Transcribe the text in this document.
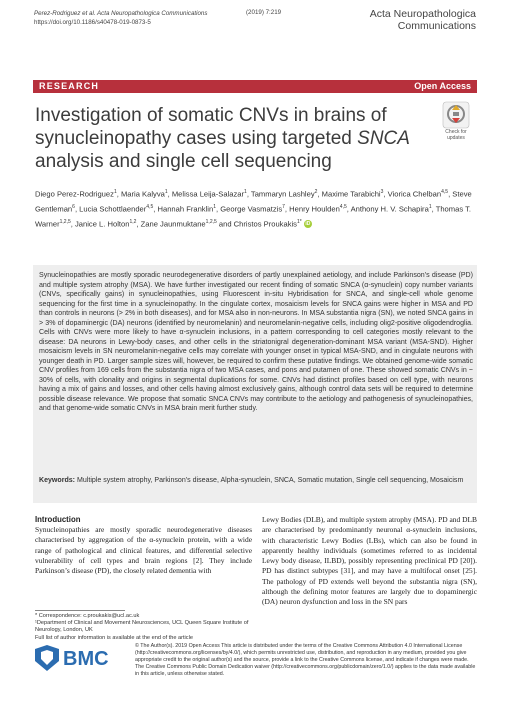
Perez-Rodriguez et al. Acta Neuropathologica Communications
https://doi.org/10.1186/s40478-019-0873-5
(2019) 7:219	Acta Neuropathologica
Communications
RESEARCH	Open Access
Investigation of somatic CNVs in brains of synucleinopathy cases using targeted SNCA analysis and single cell sequencing
Check for
updates
Diego Perez-Rodriguez$^1$, Maria Kalyva$^1$, Melissa Leija-Salazar$^1$, Tammaryn Lashley$^2$, Maxime Tarabichi$^3$, Viorica Chelban$^{4,5}$, Steve Gentleman$^6$, Lucia Schottlaender$^{4,5}$, Hannah Franklin$^1$, George Vasmatzis$^7$, Henry Houlden$^{4,5}$, Anthony H. V. Schapira$^1$, Thomas T. Warner$^{1,2,5}$, Janice L. Holton$^{1,2}$, Zane Jaunmuktane$^{1,2,5}$ and Christos Proukakis$^{1*}$ iD
Synucleinopathies are mostly sporadic neurodegenerative disorders of partly unexplained aetiology, and include Parkinson’s disease (PD) and multiple system atrophy (MSA). We have further investigated our recent finding of somatic SNCA (α-synuclein) copy number variants (CNVs, specifically gains) in synucleinopathies, using Fluorescent in-situ Hybridisation for SNCA, and single-cell whole genome sequencing for the first time in a synucleinopathy. In the cingulate cortex, mosaicism levels for SNCA gains were higher in MSA and PD than controls in neurons (> 2% in both diseases), and for MSA also in non-neurons. In MSA substantia nigra (SN), we noted SNCA gains in > 3% of dopaminergic (DA) neurons (identified by neuromelanin) and neuromelanin-negative cells, including olig2-positive oligodendroglia. Cells with CNVs were more likely to have α-synuclein inclusions, in a pattern corresponding to cell categories mostly relevant to the disease: DA neurons in Lewy-body cases, and other cells in the striatonigral degeneration-dominant MSA variant (MSA-SND). Higher mosaicism levels in SN neuromelanin-negative cells may correlate with younger onset in typical MSA-SND, and in cingulate neurons with younger death in PD. Larger sample sizes will, however, be required to confirm these putative findings. We obtained genome-wide somatic CNV profiles from 169 cells from the substantia nigra of two MSA cases, and pons and putamen of one. These showed somatic CNVs in ~ 30% of cells, with clonality and origins in segmental duplications for some. CNVs had distinct profiles based on cell type, with neurons having a mix of gains and losses, and other cells having almost exclusively gains, although control data sets will be required to determine possible disease relevance. We propose that somatic SNCA CNVs may contribute to the aetiology and pathogenesis of synucleinopathies, and that genome-wide somatic CNVs in MSA brain merit further study.
Keywords: Multiple system atrophy, Parkinson’s disease, Alpha-synuclein, SNCA, Somatic mutation, Single cell sequencing, Mosaicism
Introduction
Synucleinopathies are mostly sporadic neurodegenerative diseases characterised by aggregation of the α-synuclein protein, with a wide range of pathological and clinical features, and differential selective vulnerability of cell types and brain regions [2]. They include Parkinson’s disease (PD), the closely related dementia with
Lewy Bodies (DLB), and multiple system atrophy (MSA). PD and DLB are characterised by predominantly neuronal α-synuclein inclusions, with characteristic Lewy Bodies (LBs), which can also be found in apparently healthy individuals (sometimes referred to as incidental Lewy body disease, ILBD), possibly representing preclinical PD [20]). PD has distinct subtypes [31], and may have a multifocal onset [25]. The pathology of PD extends well beyond the substantia nigra (SN), although the defining motor features are largely due to dopaminergic (DA) neuron dysfunction and loss in the SN pars
* Correspondence: c.proukakis@ucl.ac.uk
¹Department of Clinical and Movement Neurosciences, UCL Queen Square Institute of Neurology, London, UK
Full list of author information is available at the end of the article
BMC
© The Author(s). 2019 Open Access This article is distributed under the terms of the Creative Commons Attribution 4.0 International License (http://creativecommons.org/licenses/by/4.0/), which permits unrestricted use, distribution, and reproduction in any medium, provided you give appropriate credit to the original author(s) and the source, provide a link to the Creative Commons license, and indicate if changes were made. The Creative Commons Public Domain Dedication waiver (http://creativecommons.org/publicdomain/zero/1.0/) applies to the data made available in this article, unless otherwise stated.
